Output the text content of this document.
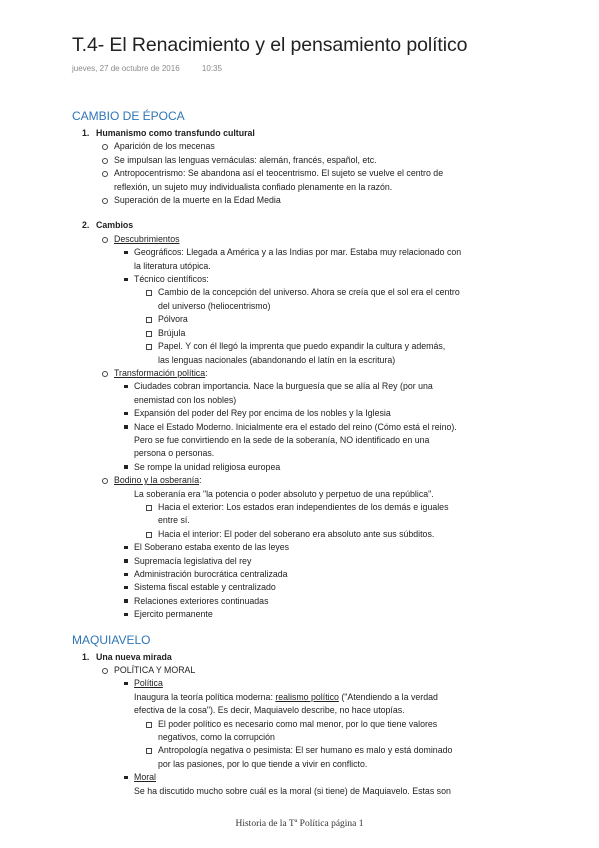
T.4- El Renacimiento y el pensamiento político
jueves, 27 de octubre de 2016	10:35
CAMBIO DE ÉPOCA
1. Humanismo como transfundo cultural
Aparición de los mecenas
Se impulsan las lenguas vernáculas: alemán, francés, español, etc.
Antropocentrismo: Se abandona así el teocentrismo. El sujeto se vuelve el centro de
reflexión, un sujeto muy individualista confiado plenamente en la razón.
Superación de la muerte en la Edad Media
2. Cambios
Descubrimientos
Geográficos: Llegada a América y a las Indias por mar. Estaba muy relacionado con
la literatura utópica.
Técnico científicos:
Cambio de la concepción del universo. Ahora se creía que el sol era el centro
del universo (heliocentrismo)
Pólvora
Brújula
Papel. Y con él llegó la imprenta que puedo expandir la cultura y además,
las lenguas nacionales (abandonando el latín en la escritura)
Transformación política:
Ciudades cobran importancia. Nace la burguesía que se alía al Rey (por una
enemistad con los nobles)
Expansión del poder del Rey por encima de los nobles y la Iglesia
Nace el Estado Moderno. Inicialmente era el estado del reino (Cómo está el reino).
Pero se fue convirtiendo en la sede de la soberanía, NO identificado en una
persona o personas.
Se rompe la unidad religiosa europea
Bodino y la osberanía:
La soberanía era "la potencia o poder absoluto y perpetuo de una república".
Hacia el exterior: Los estados eran independientes de los demás e iguales
entre sí.
Hacia el interior: El poder del soberano era absoluto ante sus súbditos.
El Soberano estaba exento de las leyes
Supremacía legislativa del rey
Administración burocrática centralizada
Sistema fiscal estable y centralizado
Relaciones exteriores continuadas
Ejercito permanente
MAQUIAVELO
1. Una nueva mirada
POLÍTICA Y MORAL
Política
Inaugura la teoría política moderna: realismo político ("Atendiendo a la verdad
efectiva de la cosa"). Es decir, Maquiavelo describe, no hace utopías.
El poder político es necesario como mal menor, por lo que tiene valores
negativos, como la corrupción
Antropología negativa o pesimista: El ser humano es malo y está dominado
por las pasiones, por lo que tiende a vivir en conflicto.
Moral
Se ha discutido mucho sobre cuál es la moral (si tiene) de Maquiavelo. Estas son
Historia de la Tª Política página 1
